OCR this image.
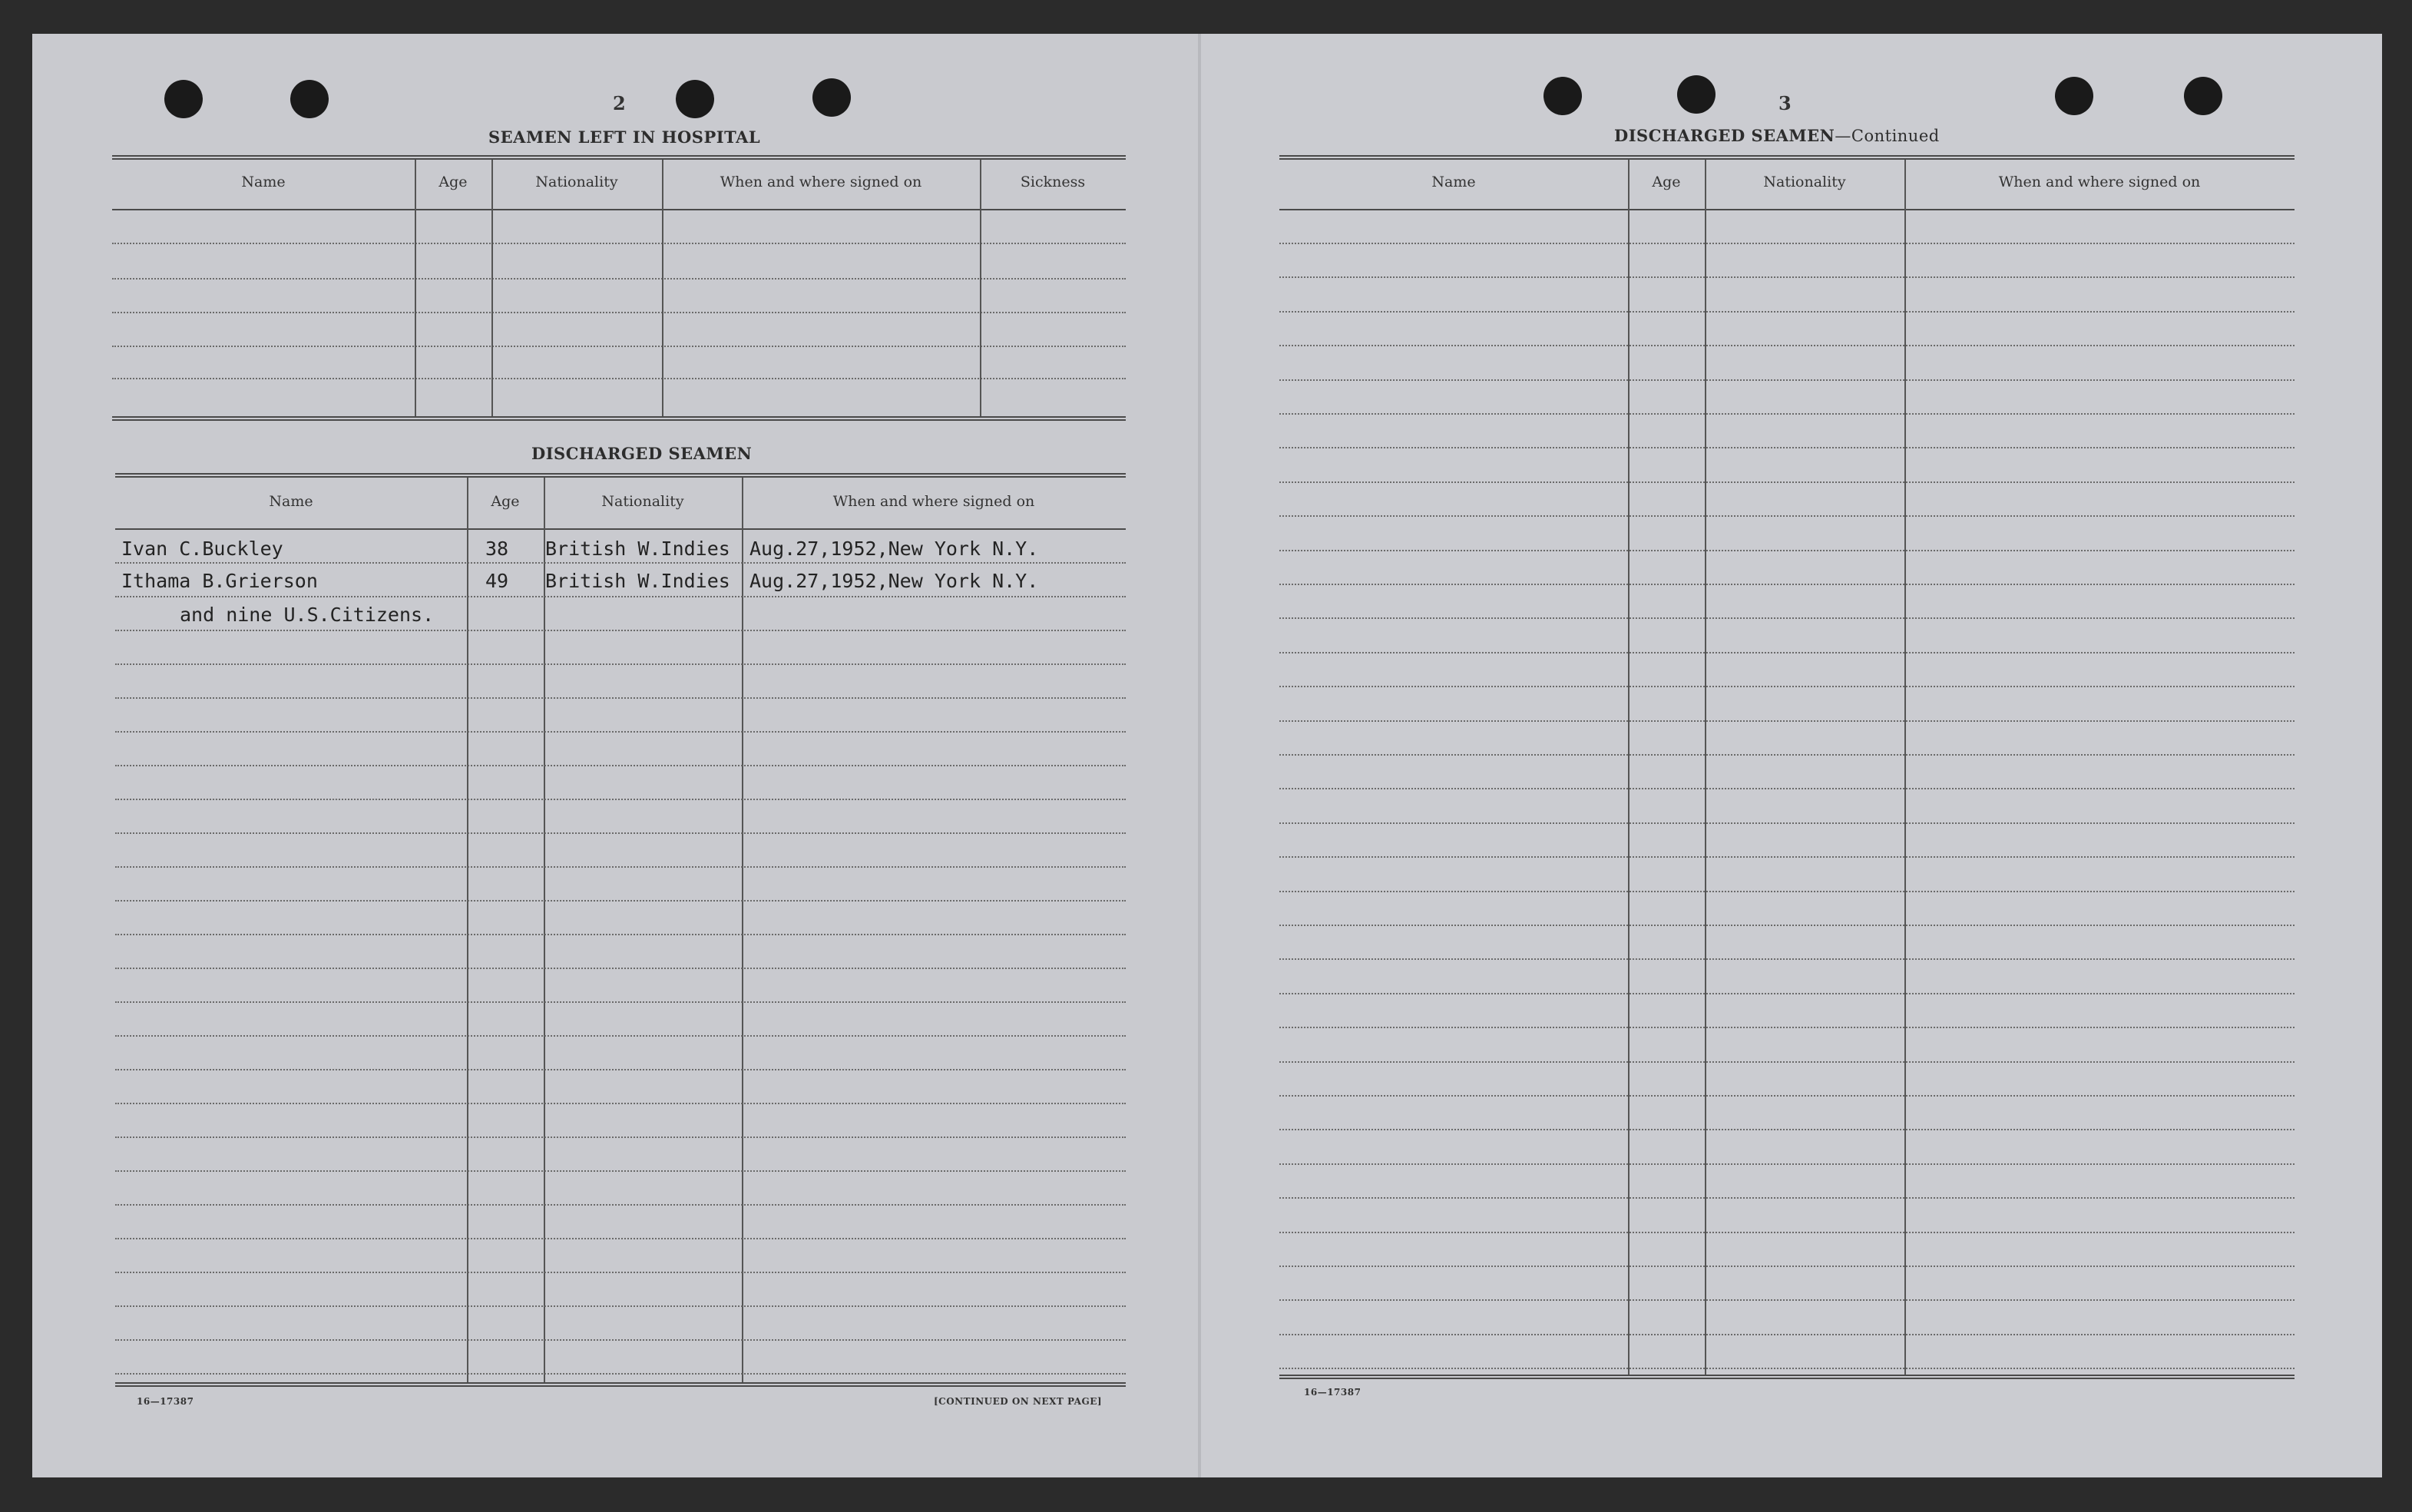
2
SEAMEN LEFT IN HOSPITAL
Name	Age	Nationality	When and where signed on	Sickness
DISCHARGED SEAMEN
Name	Age	Nationality	When and where signed on
Ivan C.Buckley	38 British W.Indies Aug.27,1952,New York N.Y.
Ithama B.Grierson	49 British W.Indies Aug.27,1952,New York N.Y.
and nine U.S.Citizens.
16—17387	[CONTINUED ON NEXT PAGE]
3
DISCHARGED SEAMEN—Continued
Name	Age	Nationality	When and where signed on
16—17387
